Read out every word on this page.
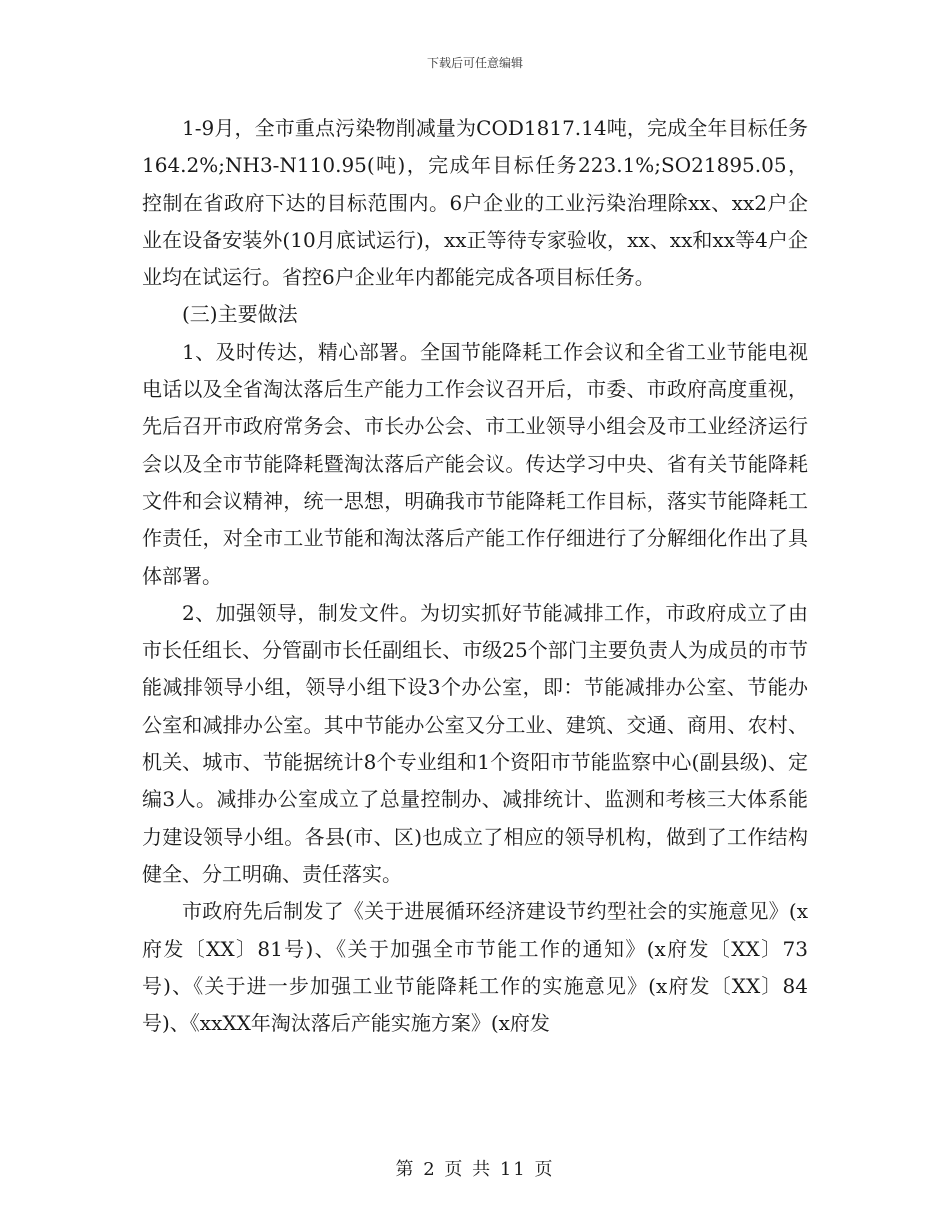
下载后可任意编辑

1-9月，全市重点污染物削减量为COD1817.14吨，完成全年目标任务164.2%;NH3-N110.95(吨)，完成年目标任务223.1%;SO21895.05，控制在省政府下达的目标范围内。6户企业的工业污染治理除xx、xx2户企业在设备安装外(10月底试运行)，xx正等待专家验收，xx、xx和xx等4户企业均在试运行。省控6户企业年内都能完成各项目标任务。

(三)主要做法

1、及时传达，精心部署。全国节能降耗工作会议和全省工业节能电视电话以及全省淘汰落后生产能力工作会议召开后，市委、市政府高度重视，先后召开市政府常务会、市长办公会、市工业领导小组会及市工业经济运行会以及全市节能降耗暨淘汰落后产能会议。传达学习中央、省有关节能降耗文件和会议精神，统一思想，明确我市节能降耗工作目标，落实节能降耗工作责任，对全市工业节能和淘汰落后产能工作仔细进行了分解细化作出了具体部署。

2、加强领导，制发文件。为切实抓好节能减排工作，市政府成立了由市长任组长、分管副市长任副组长、市级25个部门主要负责人为成员的市节能减排领导小组，领导小组下设3个办公室，即：节能减排办公室、节能办公室和减排办公室。其中节能办公室又分工业、建筑、交通、商用、农村、机关、城市、节能据统计8个专业组和1个资阳市节能监察中心(副县级)、定编3人。减排办公室成立了总量控制办、减排统计、监测和考核三大体系能力建设领导小组。各县(市、区)也成立了相应的领导机构，做到了工作结构健全、分工明确、责任落实。

市政府先后制发了《关于进展循环经济建设节约型社会的实施意见》(x府发〔XX〕81号)、《关于加强全市节能工作的通知》(x府发〔XX〕73号)、《关于进一步加强工业节能降耗工作的实施意见》(x府发〔XX〕84号)、《xxXX年淘汰落后产能实施方案》(x府发

第 2 页 共 11 页
